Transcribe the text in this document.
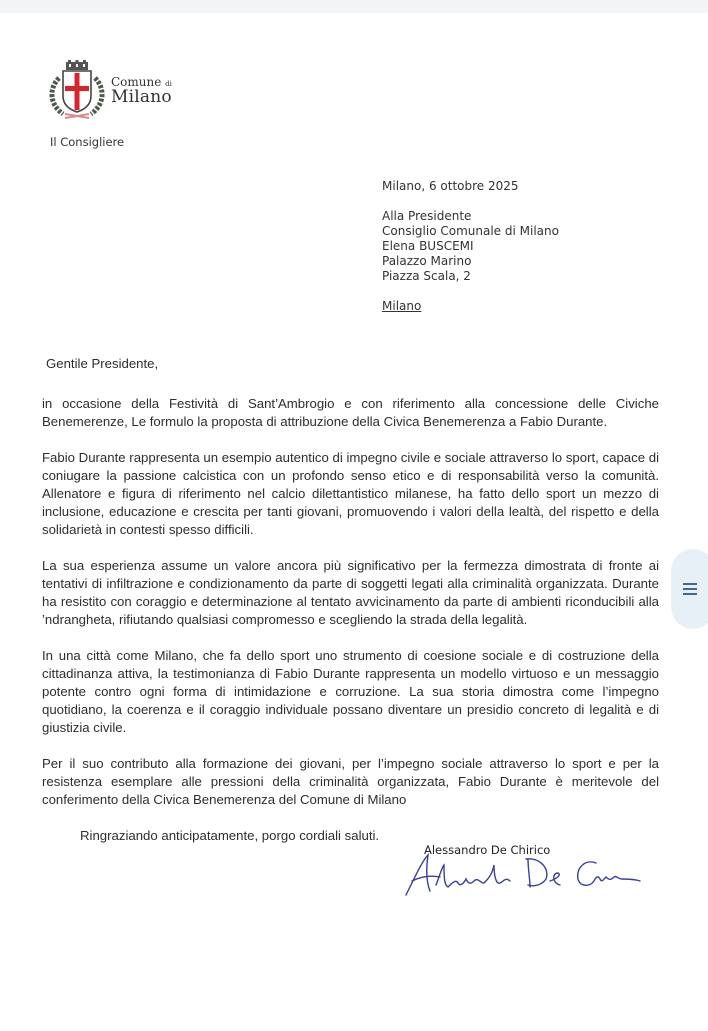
Comune di
Milano
Il Consigliere
Milano, 6 ottobre 2025
Alla Presidente
Consiglio Comunale di Milano
Elena BUSCEMI
Palazzo Marino
Piazza Scala, 2
Milano
Gentile Presidente,

in occasione della Festività di Sant’Ambrogio e con riferimento alla concessione delle Civiche Benemerenze, Le formulo la proposta di attribuzione della Civica Benemerenza a Fabio Durante.

Fabio Durante rappresenta un esempio autentico di impegno civile e sociale attraverso lo sport, capace di coniugare la passione calcistica con un profondo senso etico e di responsabilità verso la comunità. Allenatore e figura di riferimento nel calcio dilettantistico milanese, ha fatto dello sport un mezzo di inclusione, educazione e crescita per tanti giovani, promuovendo i valori della lealtà, del rispetto e della solidarietà in contesti spesso difficili.

La sua esperienza assume un valore ancora più significativo per la fermezza dimostrata di fronte ai tentativi di infiltrazione e condizionamento da parte di soggetti legati alla criminalità organizzata. Durante ha resistito con coraggio e determinazione al tentato avvicinamento da parte di ambienti riconducibili alla ’ndrangheta, rifiutando qualsiasi compromesso e scegliendo la strada della legalità.

In una città come Milano, che fa dello sport uno strumento di coesione sociale e di costruzione della cittadinanza attiva, la testimonianza di Fabio Durante rappresenta un modello virtuoso e un messaggio potente contro ogni forma di intimidazione e corruzione. La sua storia dimostra come l’impegno quotidiano, la coerenza e il coraggio individuale possano diventare un presidio concreto di legalità e di giustizia civile.

Per il suo contributo alla formazione dei giovani, per l’impegno sociale attraverso lo sport e per la resistenza esemplare alle pressioni della criminalità organizzata, Fabio Durante è meritevole del conferimento della Civica Benemerenza del Comune di Milano

Ringraziando anticipatamente, porgo cordiali saluti.
Alessandro De Chirico
